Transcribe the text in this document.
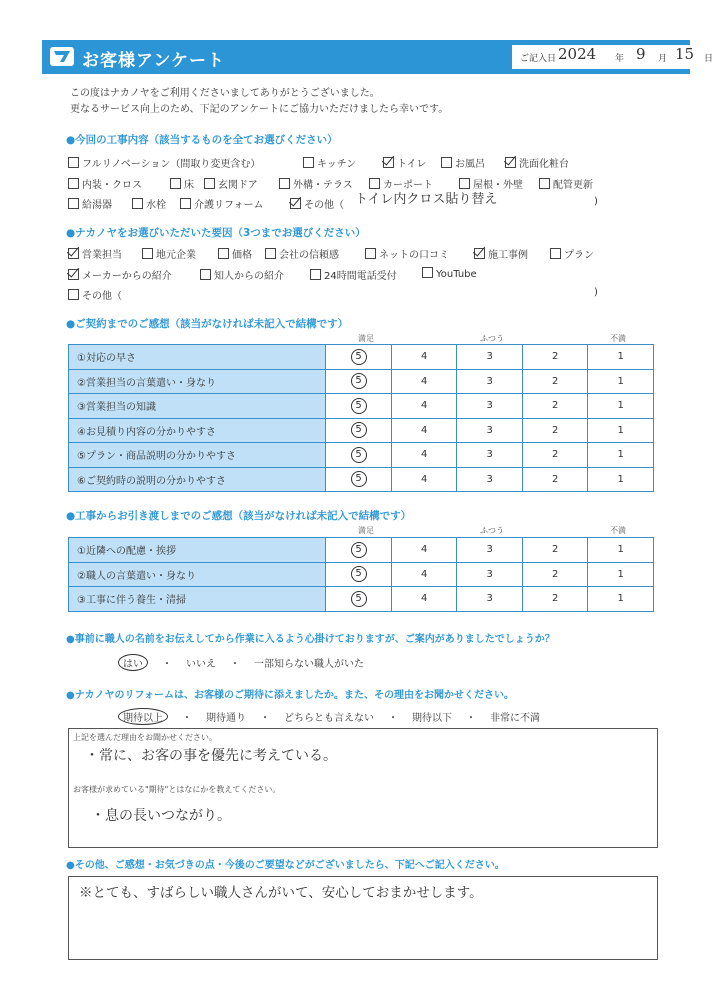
お客様アンケート	ご記入日 2024 年 9 月 15 日
この度はナカノヤをご利用くださいましてありがとうございました。
更なるサービス向上のため、下記のアンケートにご協力いただけましたら幸いです。
●今回の工事内容（該当するものを全てお選びください）
フルリノベーション（間取り変更含む）	キッチン	トイレ	お風呂	洗面化粧台
内装・クロス	床	玄関ドア	外構・テラス	カーポート	屋根・外壁	配管更新
給湯器	水栓	介護リフォーム	その他（ トイレ内クロス貼り替え	)
●ナカノヤをお選びいただいた要因（3つまでお選びください）
営業担当	地元企業	価格	会社の信頼感	ネットの口コミ	施工事例	プラン
メーカーからの紹介	知人からの紹介	24時間電話受付	YouTube
その他（	)
●ご契約までのご感想（該当がなければ未記入で結構です）
満足	ふつう	不満
①対応の早さ	5	4	3	2	1
②営業担当の言葉遣い・身なり	5	4	3	2	1
③営業担当の知識	5	4	3	2	1
④お見積り内容の分かりやすさ	5	4	3	2	1
⑤プラン・商品説明の分かりやすさ	5	4	3	2	1
⑥ご契約時の説明の分かりやすさ	5	4	3	2	1
●工事からお引き渡しまでのご感想（該当がなければ未記入で結構です）
満足	ふつう	不満
①近隣への配慮・挨拶	5	4	3	2	1
②職人の言葉遣い・身なり	5	4	3	2	1
③工事に伴う養生・清掃	5	4	3	2	1
●事前に職人の名前をお伝えしてから作業に入るよう心掛けておりますが、ご案内がありましたでしょうか？
はい ・ いいえ ・ 一部知らない職人がいた
●ナカノヤのリフォームは、お客様のご期待に添えましたか。また、その理由をお聞かせください。
期待以上 ・ 期待通り ・ どちらとも言えない ・ 期待以下 ・ 非常に不満
上記を選んだ理由をお聞かせください。
・常に、お客の事を優先に考えている。
お客様が求めている"期待"とはなにかを教えてください。
・息の長いつながり。
●その他、ご感想・お気づきの点・今後のご要望などがございましたら、下記へご記入ください。
※とても、すばらしい職人さんがいて、安心しておまかせします。
